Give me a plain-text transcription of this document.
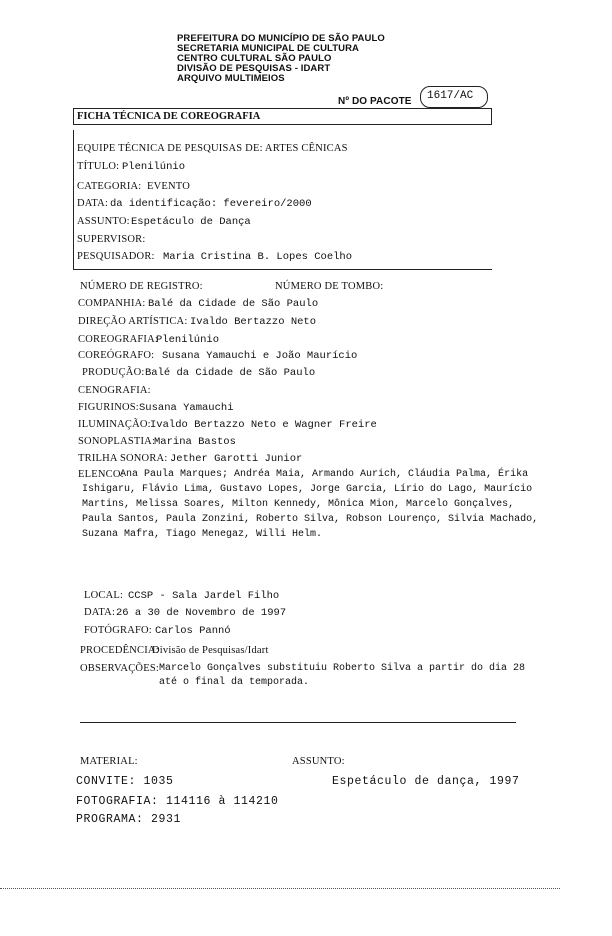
PREFEITURA DO MUNICÍPIO DE SÃO PAULO
SECRETARIA MUNICIPAL DE CULTURA
CENTRO CULTURAL SÃO PAULO
DIVISÃO DE PESQUISAS - IDART
ARQUIVO MULTIMEIOS
Nº DO PACOTE 1617/AC
FICHA TÉCNICA DE COREOGRAFIA
EQUIPE TÉCNICA DE PESQUISAS DE: ARTES CÊNICAS
TÍTULO: Plenilúnio
CATEGORIA: EVENTO
DATA: da identificação: fevereiro/2000
ASSUNTO: Espetáculo de Dança
SUPERVISOR:
PESQUISADOR: Maria Cristina B. Lopes Coelho
NÚMERO DE REGISTRO:	NÚMERO DE TOMBO:
COMPANHIA: Balé da Cidade de São Paulo
DIREÇÃO ARTÍSTICA: Ivaldo Bertazzo Neto
COREOGRAFIA:
Plenilúnio
COREÓGRAFO: Susana Yamauchi e João Maurício
PRODUÇÃO: Balé da Cidade de São Paulo
CENOGRAFIA:
FIGURINOS: Susana Yamauchi
ILUMINAÇÃO: Ivaldo Bertazzo Neto e Wagner Freire
SONOPLASTIA:
Marina Bastos
TRILHA SONORA: Jether Garotti Junior
ELENCO:
Ana Paula Marques; Andréa Maia, Armando Aurich, Cláudia Palma, Érika
Ishigaru, Flávio Lima, Gustavo Lopes, Jorge Garcia, Lírio do Lago, Maurício
Martins, Melissa Soares, Milton Kennedy, Mônica Mion, Marcelo Gonçalves,
Paula Santos, Paula Zonzini, Roberto Silva, Robson Lourenço, Silvia Machado,
Suzana Mafra, Tiago Menegaz, Willi Helm.
LOCAL: CCSP - Sala Jardel Filho
DATA: 26 a 30 de Novembro de 1997
FOTÓGRAFO: Carlos Pannó
PROCEDÊNCIA:
Divisão de Pesquisas/Idart
OBSERVAÇÕES: Marcelo Gonçalves substituiu Roberto Silva a partir do dia 28
até o final da temporada.
MATERIAL:	ASSUNTO:
CONVITE: 1035	Espetáculo de dança, 1997
FOTOGRAFIA: 114116 à 114210
PROGRAMA: 2931
